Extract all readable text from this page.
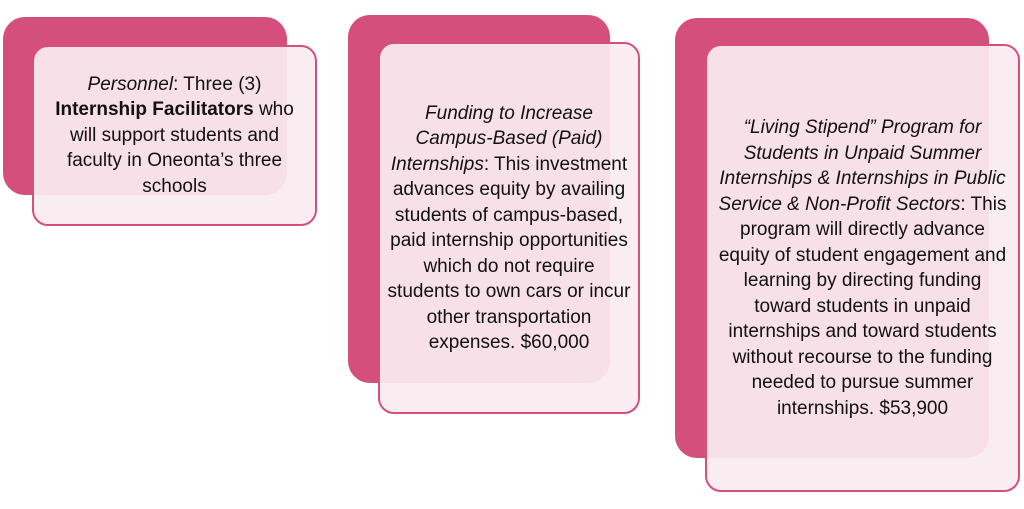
Personnel: Three (3)
Internship Facilitators who will support students and faculty in Oneonta’s three schools

Funding to Increase Campus-Based (Paid) Internships: This investment advances equity by availing students of campus-based, paid internship opportunities which do not require students to own cars or incur other transportation expenses. $60,000

“Living Stipend” Program for Students in Unpaid Summer Internships & Internships in Public Service & Non-Profit Sectors: This program will directly advance equity of student engagement and learning by directing funding toward students in unpaid internships and toward students without recourse to the funding needed to pursue summer internships. $53,900
